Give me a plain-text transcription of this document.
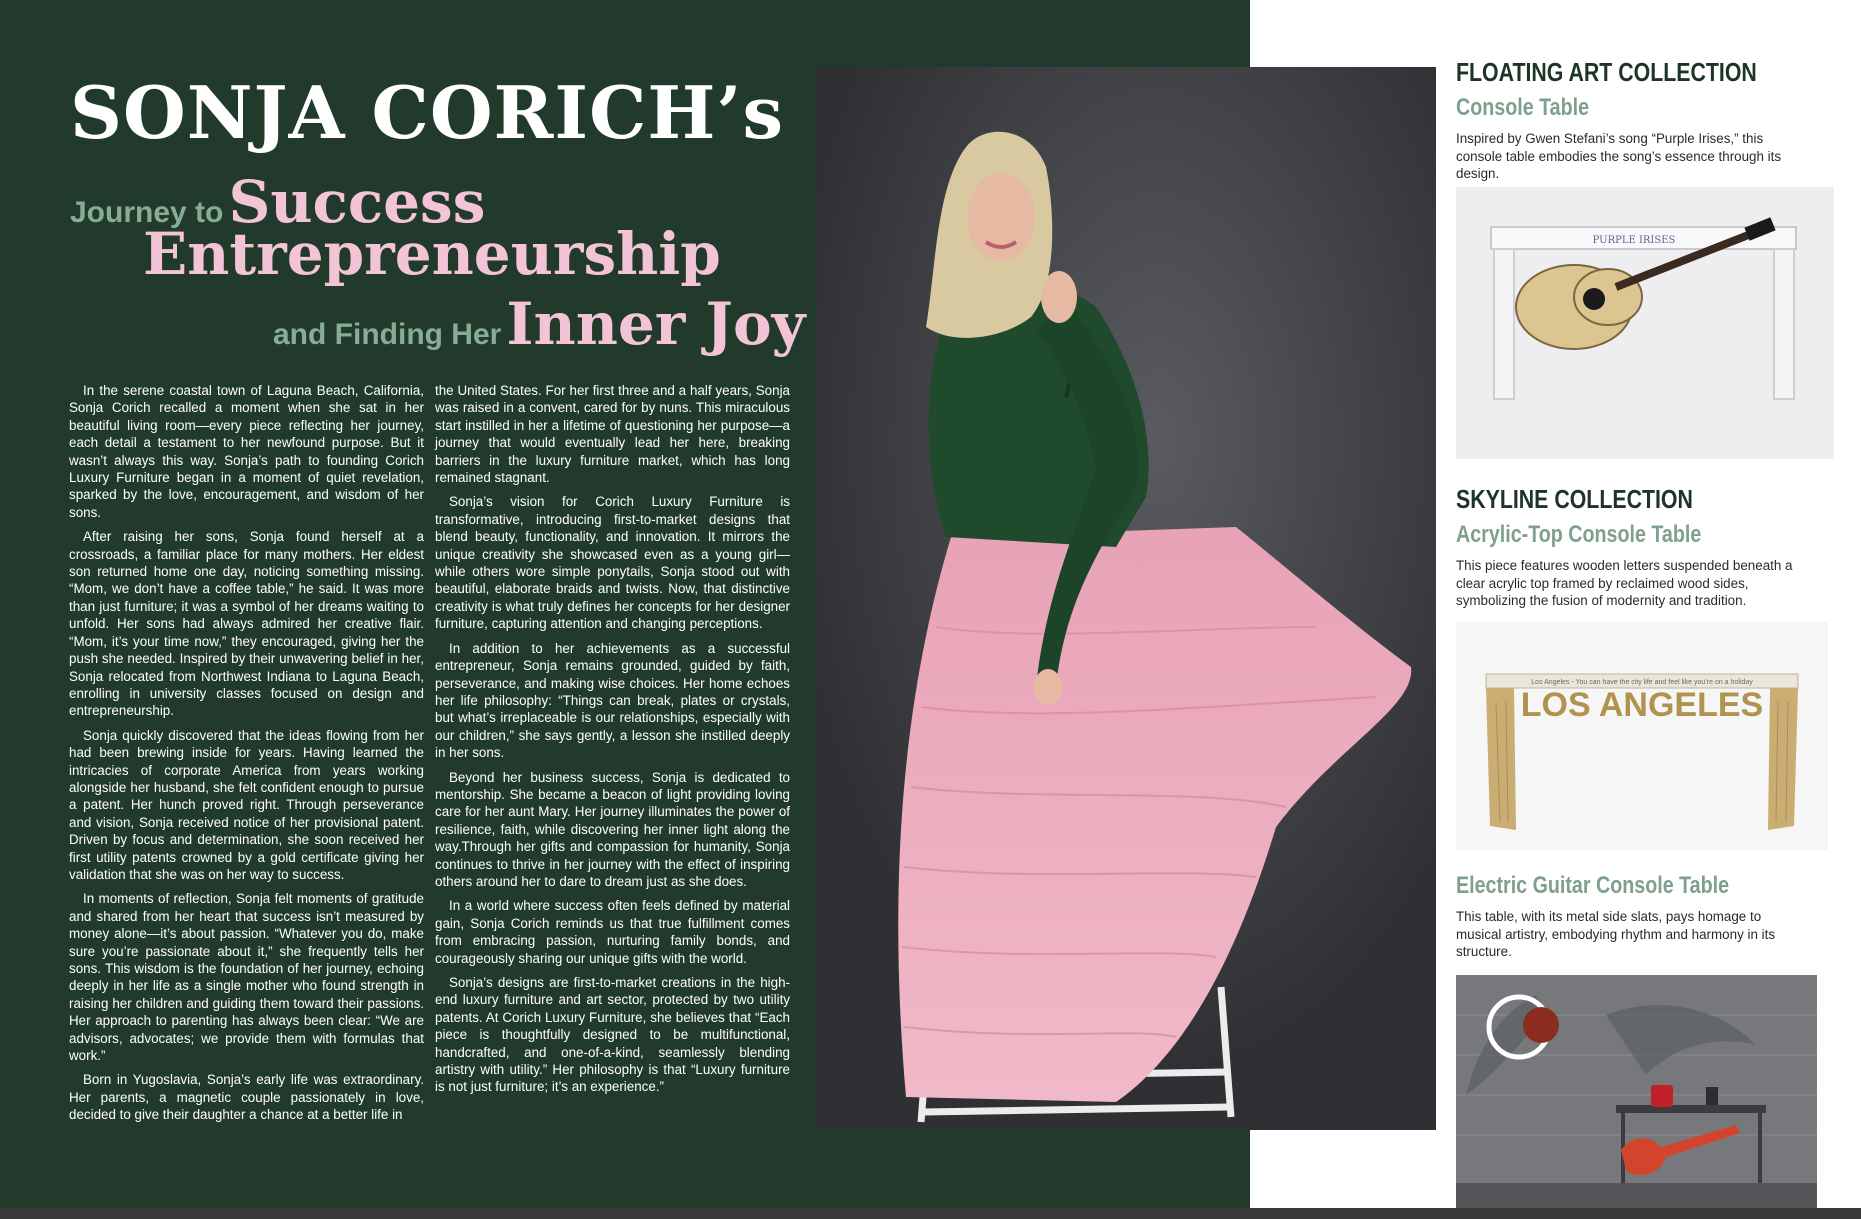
SONJA CORICH’s
Journey to Success
Entrepreneurship
and Finding Her Inner Joy

In the serene coastal town of Laguna Beach, California, Sonja Corich recalled a moment when she sat in her beautiful living room—every piece reflecting her journey, each detail a testament to her newfound purpose. But it wasn’t always this way. Sonja’s path to founding Corich Luxury Furniture began in a moment of quiet revelation, sparked by the love, encouragement, and wisdom of her sons.

After raising her sons, Sonja found herself at a crossroads, a familiar place for many mothers. Her eldest son returned home one day, noticing something missing. “Mom, we don’t have a coffee table,” he said. It was more than just furniture; it was a symbol of her dreams waiting to unfold. Her sons had always admired her creative flair. “Mom, it’s your time now,” they encouraged, giving her the push she needed. Inspired by their unwavering belief in her, Sonja relocated from Northwest Indiana to Laguna Beach, enrolling in university classes focused on design and entrepreneurship.

Sonja quickly discovered that the ideas flowing from her had been brewing inside for years. Having learned the intricacies of corporate America from years working alongside her husband, she felt confident enough to pursue a patent. Her hunch proved right. Through perseverance and vision, Sonja received notice of her provisional patent. Driven by focus and determination, she soon received her first utility patents crowned by a gold certificate giving her validation that she was on her way to success.

In moments of reflection, Sonja felt moments of gratitude and shared from her heart that success isn’t measured by money alone—it’s about passion. “Whatever you do, make sure you’re passionate about it,” she frequently tells her sons. This wisdom is the foundation of her journey, echoing deeply in her life as a single mother who found strength in raising her children and guiding them toward their passions. Her approach to parenting has always been clear: “We are advisors, advocates; we provide them with formulas that work.”

Born in Yugoslavia, Sonja’s early life was extraordinary. Her parents, a magnetic couple passionately in love, decided to give their daughter a chance at a better life in

the United States. For her first three and a half years, Sonja was raised in a convent, cared for by nuns. This miraculous start instilled in her a lifetime of questioning her purpose—a journey that would eventually lead her here, breaking barriers in the luxury furniture market, which has long remained stagnant.

Sonja’s vision for Corich Luxury Furniture is transformative, introducing first-to-market designs that blend beauty, functionality, and innovation. It mirrors the unique creativity she showcased even as a young girl—while others wore simple ponytails, Sonja stood out with beautiful, elaborate braids and twists. Now, that distinctive creativity is what truly defines her concepts for her designer furniture, capturing attention and changing perceptions.

In addition to her achievements as a successful entrepreneur, Sonja remains grounded, guided by faith, perseverance, and making wise choices. Her home echoes her life philosophy: “Things can break, plates or crystals, but what’s irreplaceable is our relationships, especially with our children,” she says gently, a lesson she instilled deeply in her sons.

Beyond her business success, Sonja is dedicated to mentorship. She became a beacon of light providing loving care for her aunt Mary. Her journey illuminates the power of resilience, faith, while discovering her inner light along the way.Through her gifts and compassion for humanity, Sonja continues to thrive in her journey with the effect of inspiring others around her to dare to dream just as she does.

In a world where success often feels defined by material gain, Sonja Corich reminds us that true fulfillment comes from embracing passion, nurturing family bonds, and courageously sharing our unique gifts with the world.

Sonja’s designs are first-to-market creations in the high-end luxury furniture and art sector, protected by two utility patents. At Corich Luxury Furniture, she believes that “Each piece is thoughtfully designed to be multifunctional, handcrafted, and one-of-a-kind, seamlessly blending artistry with utility.” Her philosophy is that “Luxury furniture is not just furniture; it’s an experience.”

FLOATING ART COLLECTION
Console Table

Inspired by Gwen Stefani’s song “Purple Irises,” this console table embodies the song’s essence through its design.

PURPLE IRISES
SKYLINE COLLECTION
Acrylic-Top Console Table

This piece features wooden letters suspended beneath a clear acrylic top framed by reclaimed wood sides, symbolizing the fusion of modernity and tradition.

Los Angeles - You can have the city life and feel like you’re on a holiday
LOS ANGELES
Electric Guitar Console Table

This table, with its metal side slats, pays homage to musical artistry, embodying rhythm and harmony in its structure.
